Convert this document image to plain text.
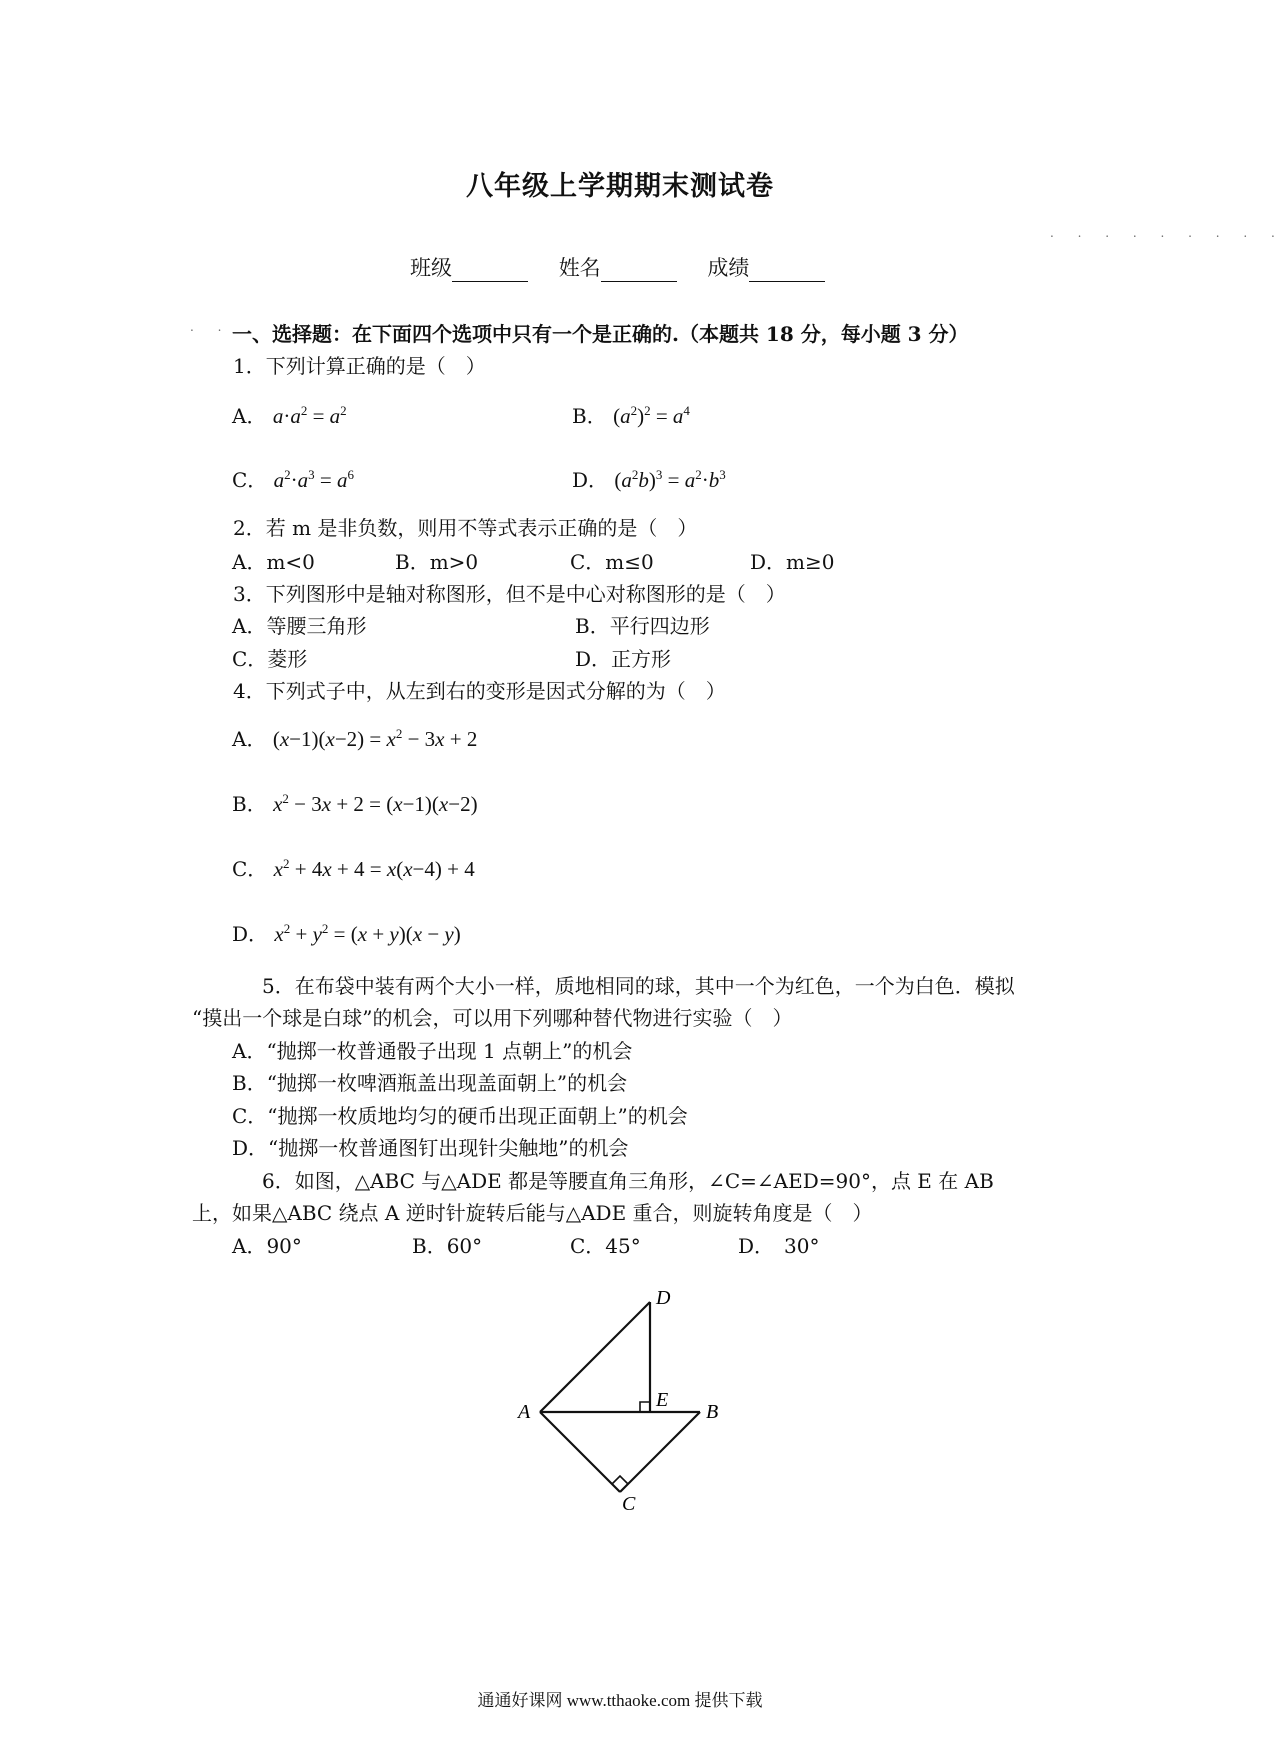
. . . . . . . . .
. .
八年级上学期期末测试卷
班级	姓名	成绩
一、选择题：在下面四个选项中只有一个是正确的.（本题共 18 分，每小题 3 分）
1．下列计算正确的是（　）
A． $a\cdot a^2 = a^2$	B． $(a^2)^2 = a^4$
C． $a^2\cdot a^3 = a^6$	D． $(a^2b)^3 = a^2\cdot b^3$
2．若 m 是非负数，则用不等式表示正确的是（　）
A．m<0	B．m>0	C．m≤0	D．m≥0
3．下列图形中是轴对称图形，但不是中心对称图形的是（　）
A．等腰三角形	B．平行四边形
C．菱形	D．正方形
4．下列式子中，从左到右的变形是因式分解的为（　）
A． $(x-1)(x-2) = x^2 - 3x + 2$
B． $x^2 - 3x + 2 = (x-1)(x-2)$
C． $x^2 + 4x + 4 = x(x-4) + 4$
D． $x^2 + y^2 = (x + y)(x - y)$
5．在布袋中装有两个大小一样，质地相同的球，其中一个为红色，一个为白色．模拟
“摸出一个球是白球”的机会，可以用下列哪种替代物进行实验（　）
A．“抛掷一枚普通骰子出现 1 点朝上”的机会
B．“抛掷一枚啤酒瓶盖出现盖面朝上”的机会
C．“抛掷一枚质地均匀的硬币出现正面朝上”的机会
D．“抛掷一枚普通图钉出现针尖触地”的机会
6．如图，△ABC 与△ADE 都是等腰直角三角形，∠C=∠AED=90°，点 E 在 AB
上，如果△ABC 绕点 A 逆时针旋转后能与△ADE 重合，则旋转角度是（　）
A．90°	B．60°	C．45°	D．　30°
A	B
C
D
E
通通好课网 www.tthaoke.com 提供下载
